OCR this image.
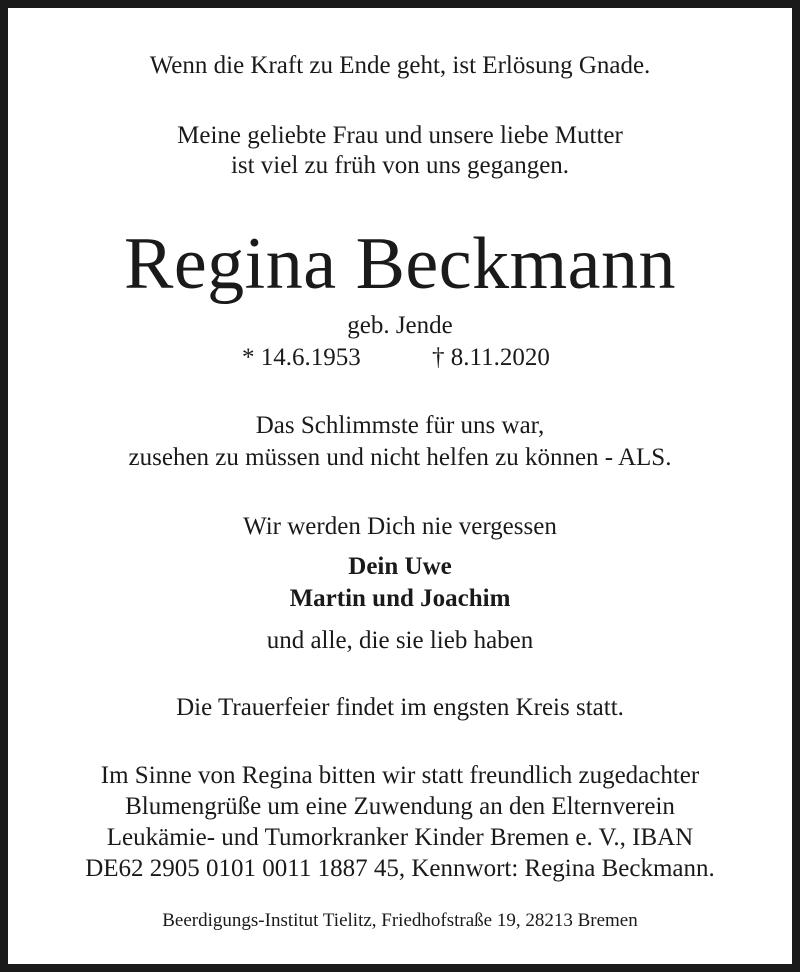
Wenn die Kraft zu Ende geht, ist Erlösung Gnade.
Meine geliebte Frau und unsere liebe Mutter
ist viel zu früh von uns gegangen.
Regina Beckmann
geb. Jende
* 14.6.1953	† 8.11.2020
Das Schlimmste für uns war,
zusehen zu müssen und nicht helfen zu können - ALS.
Wir werden Dich nie vergessen
Dein Uwe
Martin und Joachim
und alle, die sie lieb haben
Die Trauerfeier findet im engsten Kreis statt.
Im Sinne von Regina bitten wir statt freundlich zugedachter
Blumengrüße um eine Zuwendung an den Elternverein
Leukämie- und Tumorkranker Kinder Bremen e. V., IBAN
DE62 2905 0101 0011 1887 45, Kennwort: Regina Beckmann.
Beerdigungs-Institut Tielitz, Friedhofstraße 19, 28213 Bremen
